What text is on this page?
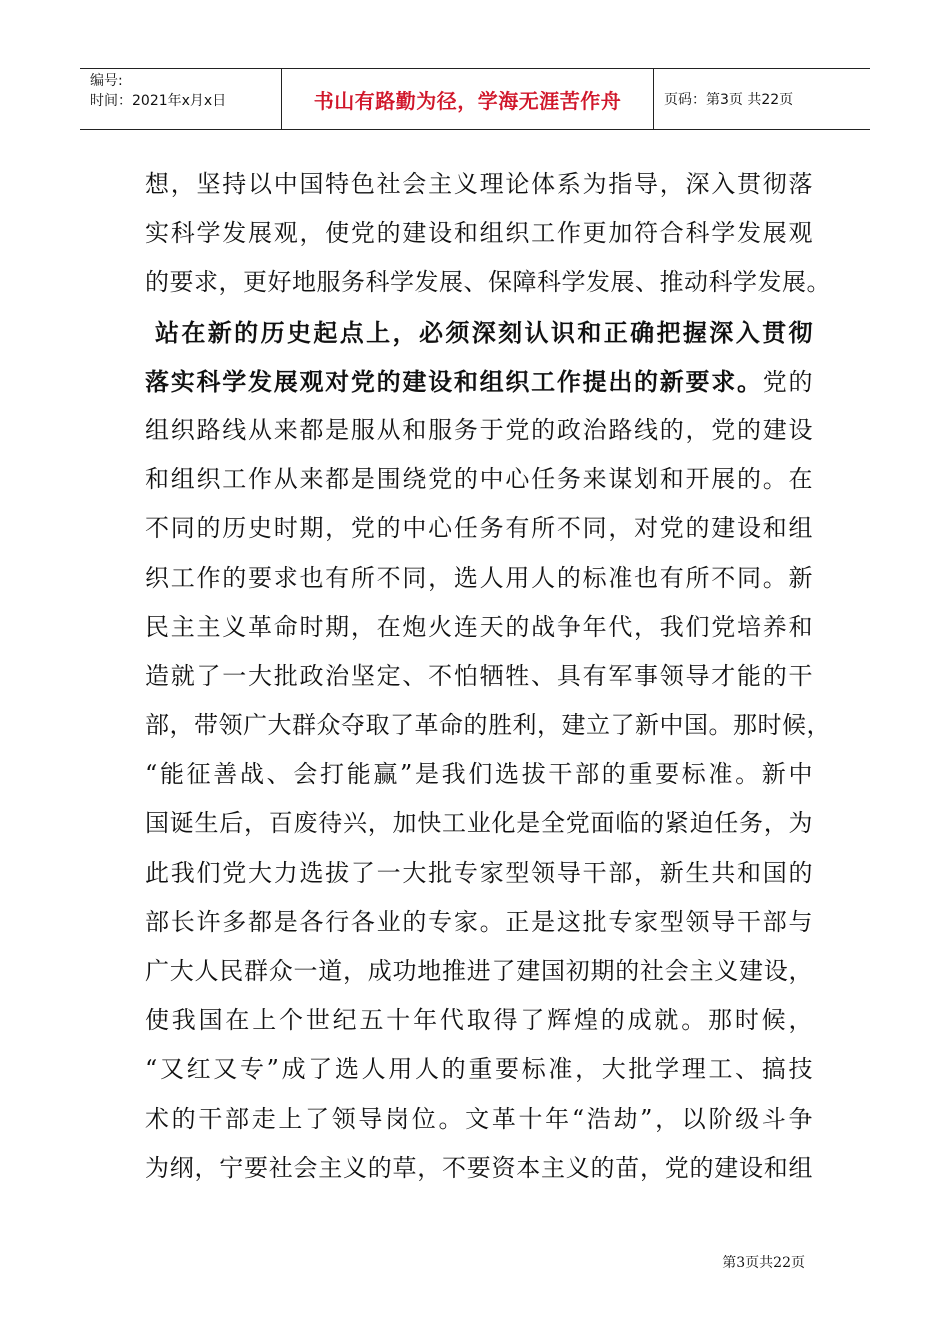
编号:
时间：2021年x月x日	书山有路勤为径，学海无涯苦作舟	页码：第3页 共22页
想，坚持以中国特色社会主义理论体系为指导，深入贯彻落
实科学发展观，使党的建设和组织工作更加符合科学发展观
的要求，更好地服务科学发展、保障科学发展、推动科学发展。
站在新的历史起点上，必须深刻认识和正确把握深入贯彻
落实科学发展观对党的建设和组织工作提出的新要求。党的
组织路线从来都是服从和服务于党的政治路线的，党的建设
和组织工作从来都是围绕党的中心任务来谋划和开展的。在
不同的历史时期，党的中心任务有所不同，对党的建设和组
织工作的要求也有所不同，选人用人的标准也有所不同。新
民主主义革命时期，在炮火连天的战争年代，我们党培养和
造就了一大批政治坚定、不怕牺牲、具有军事领导才能的干
部，带领广大群众夺取了革命的胜利，建立了新中国。那时候，
“能征善战、会打能赢”是我们选拔干部的重要标准。新中
国诞生后，百废待兴，加快工业化是全党面临的紧迫任务，为
此我们党大力选拔了一大批专家型领导干部，新生共和国的
部长许多都是各行各业的专家。正是这批专家型领导干部与
广大人民群众一道，成功地推进了建国初期的社会主义建设，
使我国在上个世纪五十年代取得了辉煌的成就。那时候，
“又红又专”成了选人用人的重要标准，大批学理工、搞技
术的干部走上了领导岗位。文革十年“浩劫”，以阶级斗争
为纲，宁要社会主义的草，不要资本主义的苗，党的建设和组
第3页共22页
